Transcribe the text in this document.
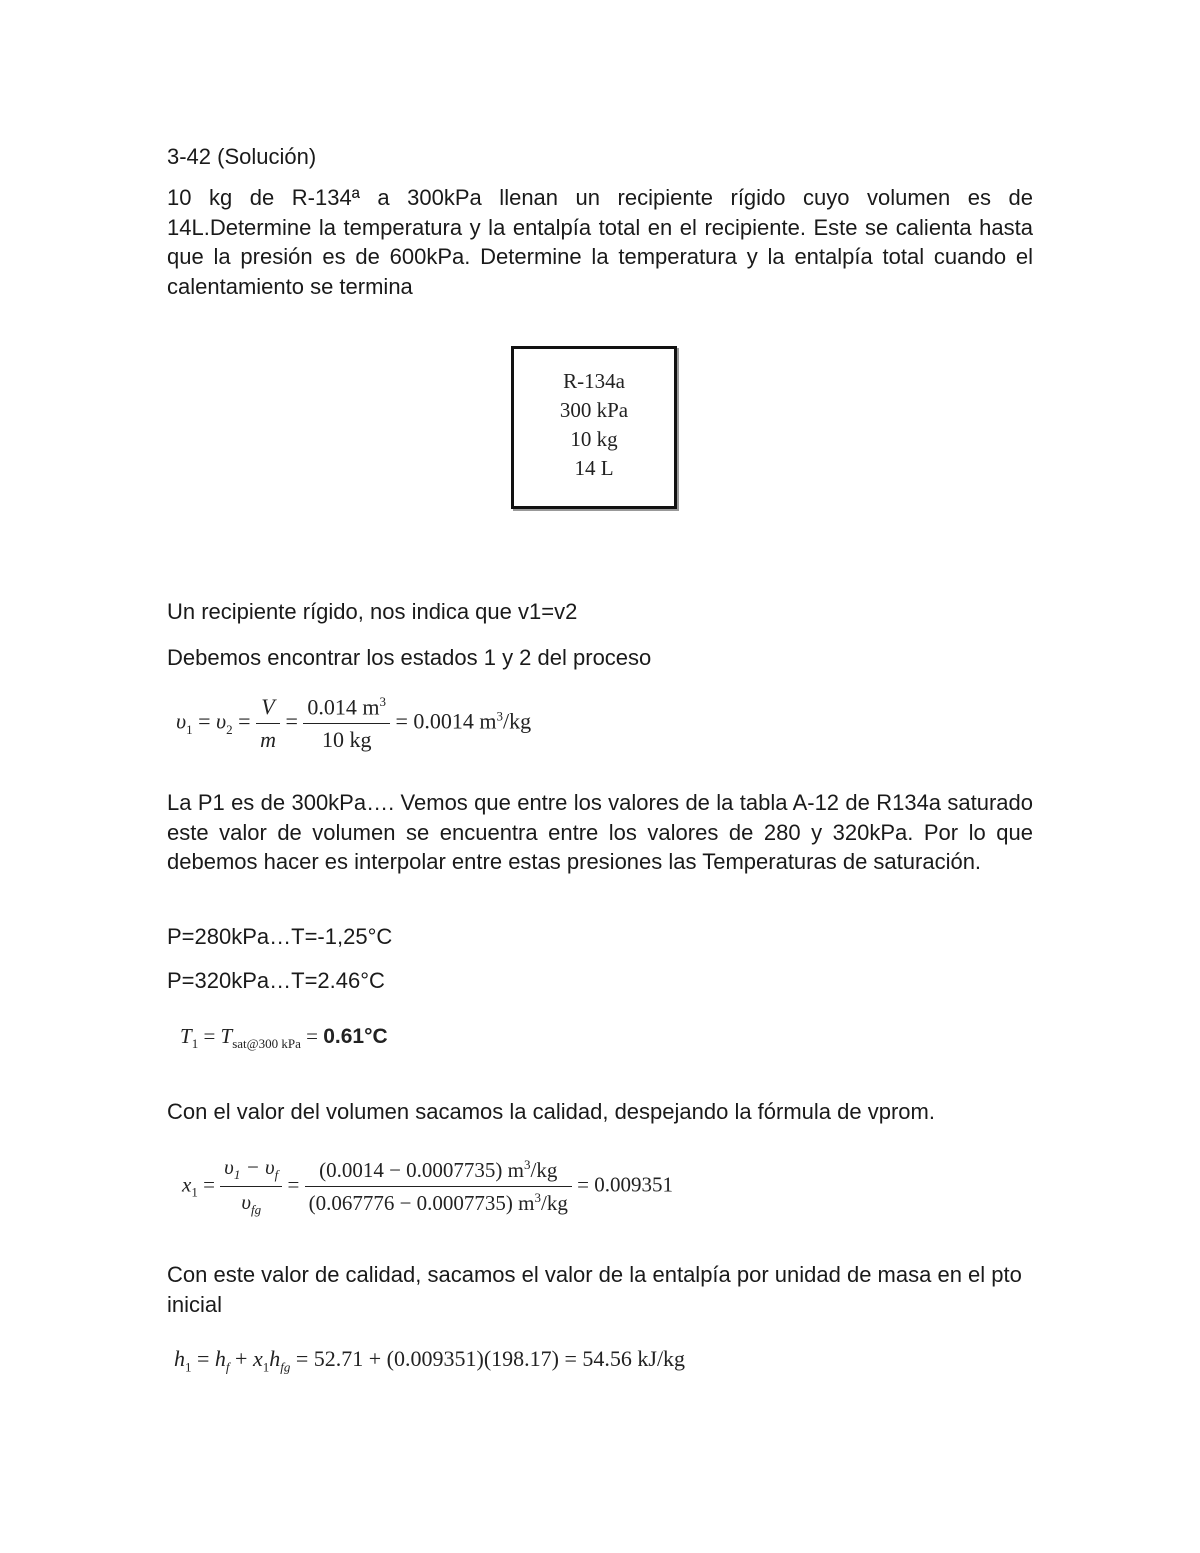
3-42 (Solución)

10 kg de R-134ª a 300kPa llenan un recipiente rígido cuyo volumen es de 14L.Determine la temperatura y la entalpía total en el recipiente. Este se calienta hasta que la presión es de 600kPa. Determine la temperatura y la entalpía total cuando el calentamiento se termina

R-134a
300 kPa
10 kg
14 L

Un recipiente rígido, nos indica que v1=v2

Debemos encontrar los estados 1 y 2 del proceso

$\upsilon_1 = \upsilon_2 = \frac{V}{m} = \frac{0.014 m^3}{10 kg} = 0.0014$ $m^3/kg$

La P1 es de 300kPa…. Vemos que entre los valores de la tabla A-12 de R134a saturado este valor de volumen se encuentra entre los valores de 280 y 320kPa. Por lo que debemos hacer es interpolar entre estas presiones las Temperaturas de saturación.

P=280kPa…T=-1,25°C

P=320kPa…T=2.46°C

$T_1 = T_{sat@300 kPa} = 0.61^\circ C$

Con el valor del volumen sacamos la calidad, despejando la fórmula de vprom.

$x_1 = \frac{\upsilon_1 - \upsilon_f}{\upsilon_{fg}} = \frac{(0.0014 - 0.0007735) m^3/kg}{(0.067776 - 0.0007735) m^3/kg} = 0.009351$

Con este valor de calidad, sacamos el valor de la entalpía por unidad de masa en el pto inicial

$h_1 = h_f + x_1h_{fg} = 52.71 + (0.009351)(198.17) = 54.56$ kJ/kg
